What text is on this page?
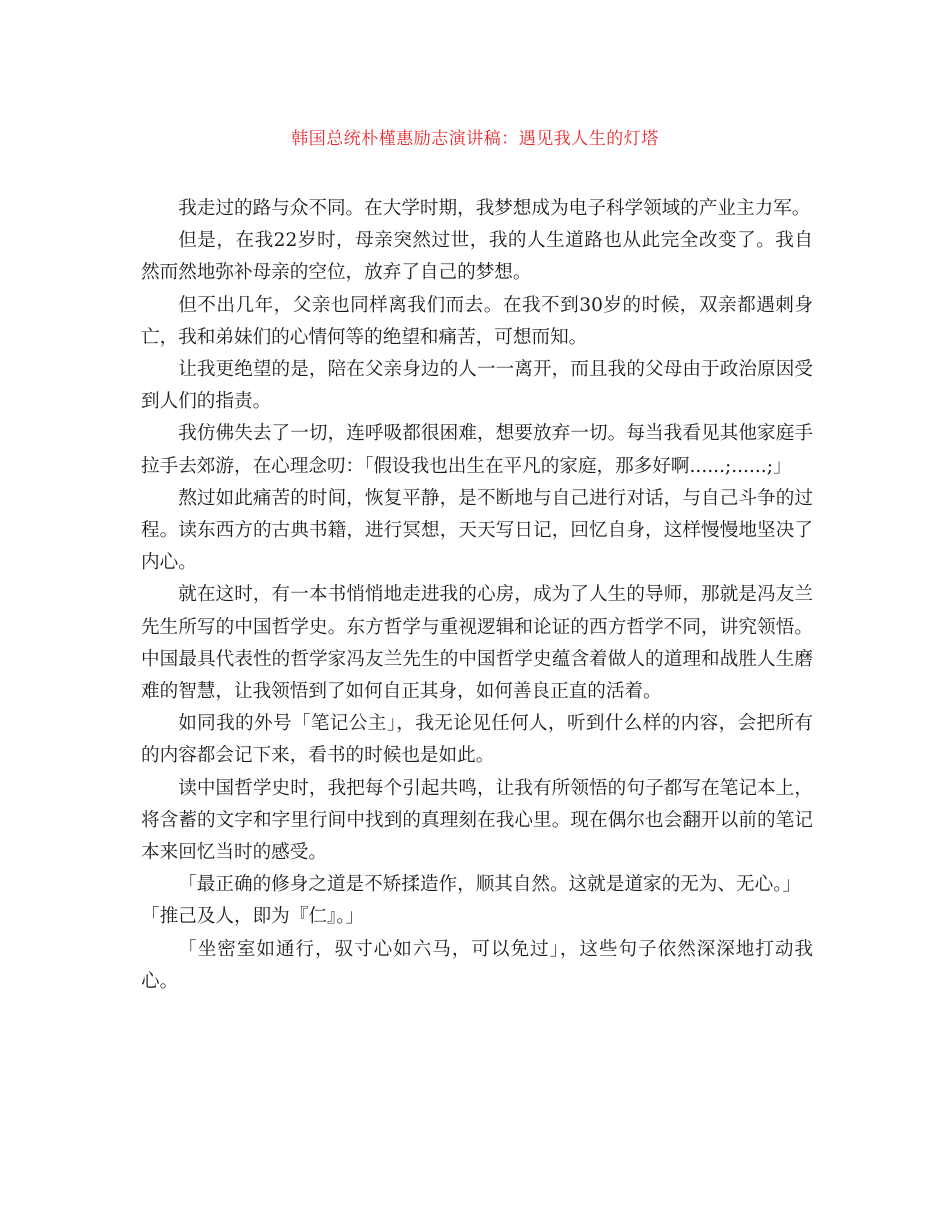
韩国总统朴槿惠励志演讲稿：遇见我人生的灯塔

我走过的路与众不同。在大学时期，我梦想成为电子科学领域的产业主力军。

但是，在我22岁时，母亲突然过世，我的人生道路也从此完全改变了。我自然而然地弥补母亲的空位，放弃了自己的梦想。

但不出几年，父亲也同样离我们而去。在我不到30岁的时候，双亲都遇刺身亡，我和弟妹们的心情何等的绝望和痛苦，可想而知。

让我更绝望的是，陪在父亲身边的人一一离开，而且我的父母由于政治原因受到人们的指责。

我仿佛失去了一切，连呼吸都很困难，想要放弃一切。每当我看见其他家庭手拉手去郊游，在心理念叨：「假设我也出生在平凡的家庭，那多好啊......;......;」

熬过如此痛苦的时间，恢复平静，是不断地与自己进行对话，与自己斗争的过程。读东西方的古典书籍，进行冥想，天天写日记，回忆自身，这样慢慢地坚决了内心。

就在这时，有一本书悄悄地走进我的心房，成为了人生的导师，那就是冯友兰先生所写的中国哲学史。东方哲学与重视逻辑和论证的西方哲学不同，讲究领悟。中国最具代表性的哲学家冯友兰先生的中国哲学史蕴含着做人的道理和战胜人生磨难的智慧，让我领悟到了如何自正其身，如何善良正直的活着。

如同我的外号「笔记公主」，我无论见任何人，听到什么样的内容，会把所有的内容都会记下来，看书的时候也是如此。

读中国哲学史时，我把每个引起共鸣，让我有所领悟的句子都写在笔记本上，将含蓄的文字和字里行间中找到的真理刻在我心里。现在偶尔也会翻开以前的笔记本来回忆当时的感受。

「最正确的修身之道是不矫揉造作，顺其自然。这就是道家的无为、无心。」

「推己及人，即为『仁』。」

「坐密室如通行，驭寸心如六马，可以免过」，这些句子依然深深地打动我心。
